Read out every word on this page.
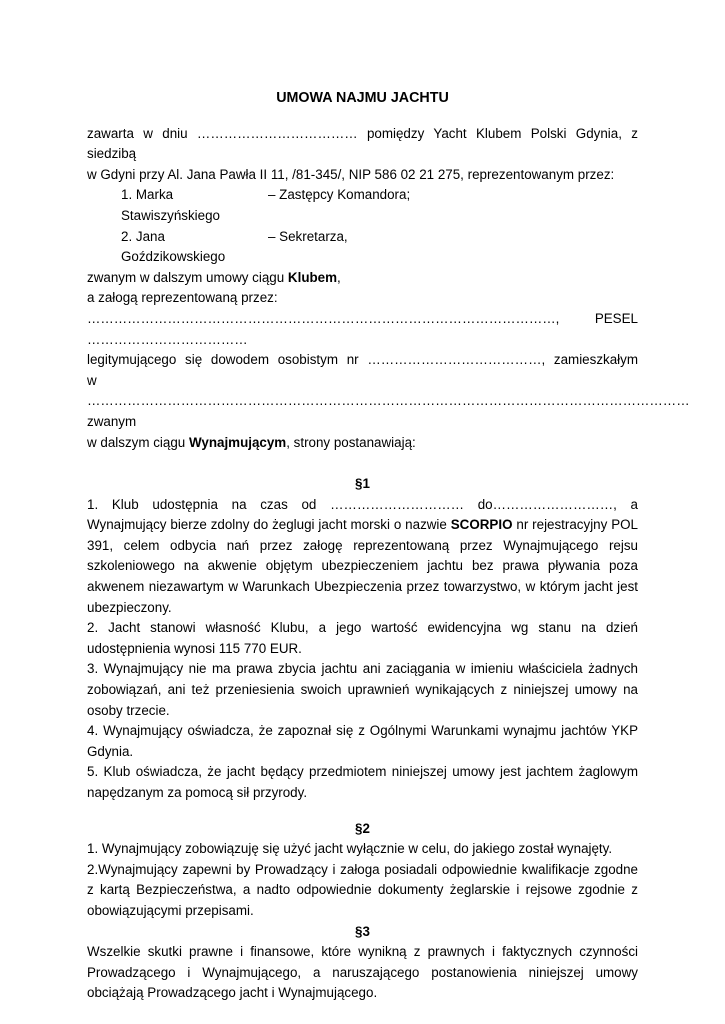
UMOWA NAJMU JACHTU

zawarta w dniu ……………………………… pomiędzy Yacht Klubem Polski Gdynia, z siedzibą

w Gdyni przy Al. Jana Pawła II 11, /81-345/, NIP 586 02 21 275, reprezentowanym przez:

1. Marka Stawiszyńskiego
– Zastępcy Komandora;
2. Jana Goździkowskiego
– Sekretarza,

zwanym w dalszym umowy ciągu Klubem,

a załogą reprezentowaną przez:

……………………………………………………………………………………………, PESEL ………………………………

legitymującego się dowodem osobistym nr …………………………………, zamieszkałym

w ……………………………………………………………………………………………………………………… zwanym

w dalszym ciągu Wynajmującym, strony postanawiają:

§1

1. Klub udostępnia na czas od ………………………… do………………………, a Wynajmujący bierze zdolny do żeglugi jacht morski o nazwie SCORPIO nr rejestracyjny POL 391, celem odbycia nań przez załogę reprezentowaną przez Wynajmującego rejsu szkoleniowego na akwenie objętym ubezpieczeniem jachtu bez prawa pływania poza akwenem niezawartym w Warunkach Ubezpieczenia przez towarzystwo, w którym jacht jest ubezpieczony.

2. Jacht stanowi własność Klubu, a jego wartość ewidencyjna wg stanu na dzień udostępnienia wynosi 115 770 EUR.

3. Wynajmujący nie ma prawa zbycia jachtu ani zaciągania w imieniu właściciela żadnych zobowiązań, ani też przeniesienia swoich uprawnień wynikających z niniejszej umowy na osoby trzecie.

4. Wynajmujący oświadcza, że zapoznał się z Ogólnymi Warunkami wynajmu jachtów YKP Gdynia.

5. Klub oświadcza, że jacht będący przedmiotem niniejszej umowy jest jachtem żaglowym napędzanym za pomocą sił przyrody.

§2

1. Wynajmujący zobowiązuję się użyć jacht wyłącznie w celu, do jakiego został wynajęty.

2.Wynajmujący zapewni by Prowadzący i załoga posiadali odpowiednie kwalifikacje zgodne z kartą Bezpieczeństwa, a nadto odpowiednie dokumenty żeglarskie i rejsowe zgodnie z obowiązującymi przepisami.

§3

Wszelkie skutki prawne i finansowe, które wynikną z prawnych i faktycznych czynności Prowadzącego i Wynajmującego, a naruszającego postanowienia niniejszej umowy obciążają Prowadzącego jacht i Wynajmującego.
